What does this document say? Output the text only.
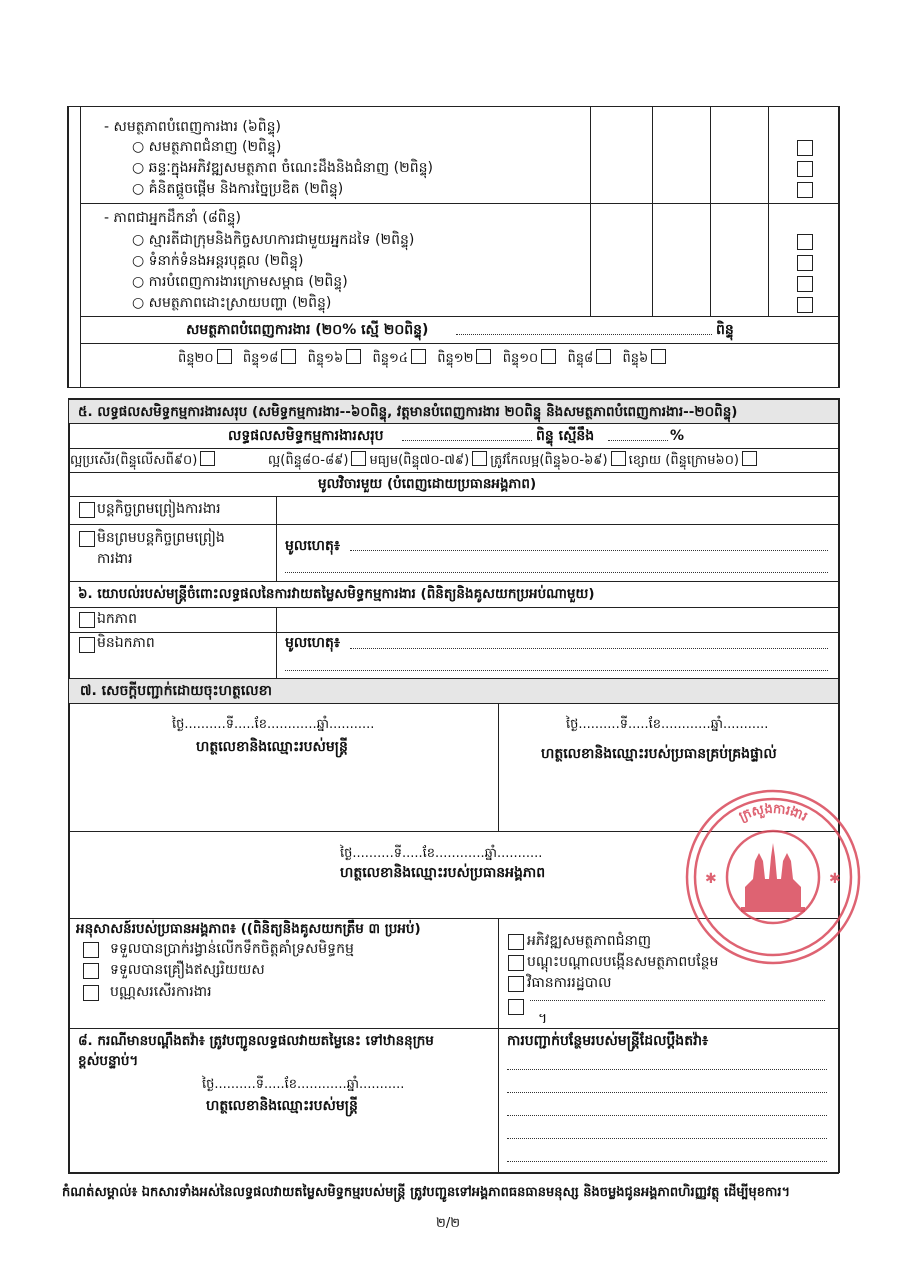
- សមត្ថភាពបំពេញការងារ (៦ពិន្ទុ)
○ សមត្ថភាពជំនាញ (២ពិន្ទុ)
○ ឆន្ទៈក្នុងអភិវឌ្ឍសមត្ថភាព ចំណេះដឹងនិងជំនាញ (២ពិន្ទុ)
○ គំនិតផ្តួចផ្តើម និងការច្នៃប្រឌិត (២ពិន្ទុ)
- ភាពជាអ្នកដឹកនាំ (៨ពិន្ទុ)
○ ស្មារតីជាក្រុមនិងកិច្ចសហការជាមួយអ្នកដទៃ (២ពិន្ទុ)
○ ទំនាក់ទំនងអន្តរបុគ្គល (២ពិន្ទុ)
○ ការបំពេញការងារក្រោមសម្ពាធ (២ពិន្ទុ)
○ សមត្ថភាពដោះស្រាយបញ្ហា (២ពិន្ទុ)
សមត្ថភាពបំពេញការងារ (២០% ស្មើ ២០ពិន្ទុ)	ពិន្ទុ
ពិន្ទុ២០ ពិន្ទុ១៨ ពិន្ទុ១៦ ពិន្ទុ១៤ ពិន្ទុ១២ ពិន្ទុ១០ ពិន្ទុ៨ ពិន្ទុ៦
៥. លទ្ធផលសមិទ្ធកម្មការងារសរុប (សមិទ្ធកម្មការងារ--៦០ពិន្ទុ, វត្តមានបំពេញការងារ ២០ពិន្ទុ និងសមត្ថភាពបំពេញការងារ--២០ពិន្ទុ)
លទ្ធផលសមិទ្ធកម្មការងារសរុប	ពិន្ទុ ស្មើនឹង	%
ល្អប្រសើរ(ពិន្ទុលើសពី៩០)	ល្អ(ពិន្ទុ៨០-៨៩) មធ្យម(ពិន្ទុ៧០-៧៩) ត្រូវកែលម្អ(ពិន្ទុ៦០-៦៩) ខ្សោយ (ពិន្ទុក្រោម៦០)
មូលវិចារមួយ (បំពេញដោយប្រធានអង្គភាព)
បន្តកិច្ចព្រមព្រៀងការងារ
មិនព្រមបន្តកិច្ចព្រមព្រៀង
ការងារ
មូលហេតុ៖
៦. យោបល់របស់មន្ត្រីចំពោះលទ្ធផលនៃការវាយតម្លៃសមិទ្ធកម្មការងារ (ពិនិត្យនិងគូសយកប្រអប់ណាមួយ)
ឯកភាព
មិនឯកភាព	មូលហេតុ៖
៧. សេចក្តីបញ្ជាក់ដោយចុះហត្ថលេខា
ថ្ងៃ..........ទី.....ខែ............ឆ្នាំ...........
ហត្ថលេខានិងឈ្មោះរបស់មន្ត្រី
ថ្ងៃ..........ទី.....ខែ............ឆ្នាំ...........
ហត្ថលេខានិងឈ្មោះរបស់ប្រធានគ្រប់គ្រងផ្ទាល់
ថ្ងៃ..........ទី.....ខែ............ឆ្នាំ...........
ហត្ថលេខានិងឈ្មោះរបស់ប្រធានអង្គភាព
អនុសាសន៍របស់ប្រធានអង្គភាព៖ ((ពិនិត្យនិងគូសយកត្រឹម ៣ ប្រអប់)
ទទួលបានប្រាក់រង្វាន់លើកទឹកចិត្តគាំទ្រសមិទ្ធកម្ម
ទទួលបានគ្រឿងឥស្សរិយយស
បណ្ណសរសើរការងារ
អភិវឌ្ឍសមត្ថភាពជំនាញ
បណ្តុះបណ្តាលបង្កើនសមត្ថភាពបន្ថែម
វិធានការរដ្ឋបាល
។
៨. ករណីមានបណ្តឹងតវ៉ា៖ ត្រូវបញ្ជូនលទ្ធផលវាយតម្លៃនេះ ទៅឋាននុក្រម
ខ្ពស់បន្ទាប់។
ថ្ងៃ..........ទី.....ខែ............ឆ្នាំ...........
ហត្ថលេខានិងឈ្មោះរបស់មន្ត្រី
ការបញ្ជាក់បន្ថែមរបស់មន្ត្រីដែលប្តឹងតវ៉ា៖
កំណត់សម្គាល់៖ ឯកសារទាំងអស់នៃលទ្ធផលវាយតម្លៃសមិទ្ធកម្មរបស់មន្ត្រី ត្រូវបញ្ជូនទៅអង្គភាពធនធានមនុស្ស និងចម្លងជូនអង្គភាពហិរញ្ញវត្ថុ ដើម្បីមុខការ។
២/២
✱	✱
ក្រសួងការងារ
